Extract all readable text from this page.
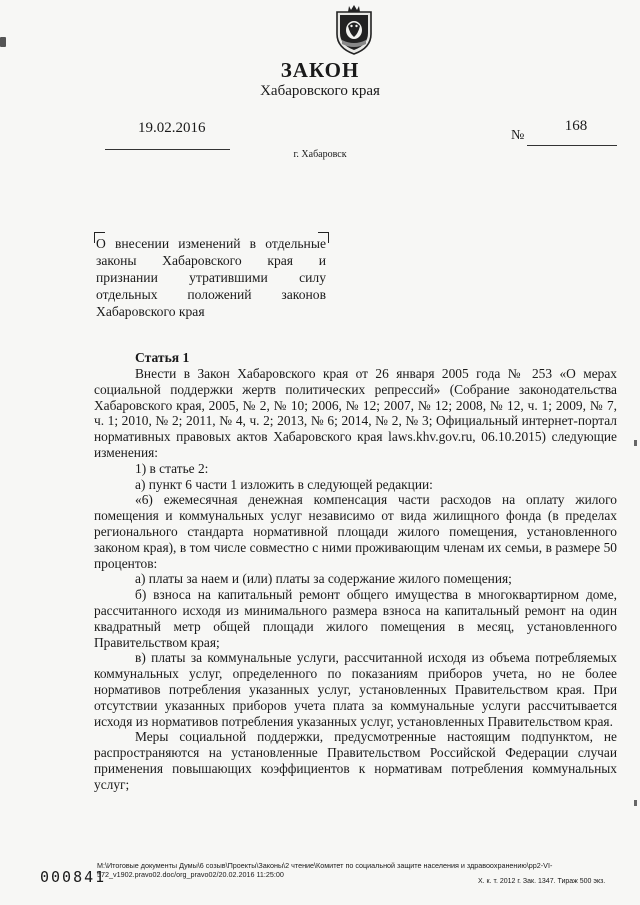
ЗАКОН
Хабаровского края
19.02.2016	№
168
г. Хабаровск
О внесении изменений в отдельные
законы Хабаровского края и
признании утратившими силу
отдельных положений законов
Хабаровского края
Статья 1

Внести в Закон Хабаровского края от 26 января 2005 года № 253 «О мерах социальной поддержки жертв политических репрессий» (Собрание законодательства Хабаровского края, 2005, № 2, № 10; 2006, № 12; 2007, № 12; 2008, № 12, ч. 1; 2009, № 7, ч. 1; 2010, № 2; 2011, № 4, ч. 2; 2013, № 6; 2014, № 2, № 3; Официальный интернет-портал нормативных правовых актов Хабаровского края laws.khv.gov.ru, 06.10.2015) следующие изменения:

1) в статье 2:

а) пункт 6 части 1 изложить в следующей редакции:

«6) ежемесячная денежная компенсация части расходов на оплату жилого помещения и коммунальных услуг независимо от вида жилищного фонда (в пределах регионального стандарта нормативной площади жилого помещения, установленного законом края), в том числе совместно с ними проживающим членам их семьи, в размере 50 процентов:

а) платы за наем и (или) платы за содержание жилого помещения;

б) взноса на капитальный ремонт общего имущества в многоквартирном доме, рассчитанного исходя из минимального размера взноса на капитальный ремонт на один квадратный метр общей площади жилого помещения в месяц, установленного Правительством края;

в) платы за коммунальные услуги, рассчитанной исходя из объема потребляемых коммунальных услуг, определенного по показаниям приборов учета, но не более нормативов потребления указанных услуг, установленных Правительством края. При отсутствии указанных приборов учета плата за коммунальные услуги рассчитывается исходя из нормативов потребления указанных услуг, установленных Правительством края.

Меры социальной поддержки, предусмотренные настоящим подпунктом, не распространяются на установленные Правительством Российской Федерации случаи применения повышающих коэффициентов к нормативам потребления коммунальных услуг;

000841
M:\Итоговые документы Думы\6 созыв\Проекты\Законы\2 чтение\Комитет по социальной защите населения и здравоохранению\pp2-VI-572_v1902.pravo02.doc/org_pravo02/20.02.2016 11:25:00
Х. к. т. 2012 г. Зак. 1347. Тираж 500 экз.
